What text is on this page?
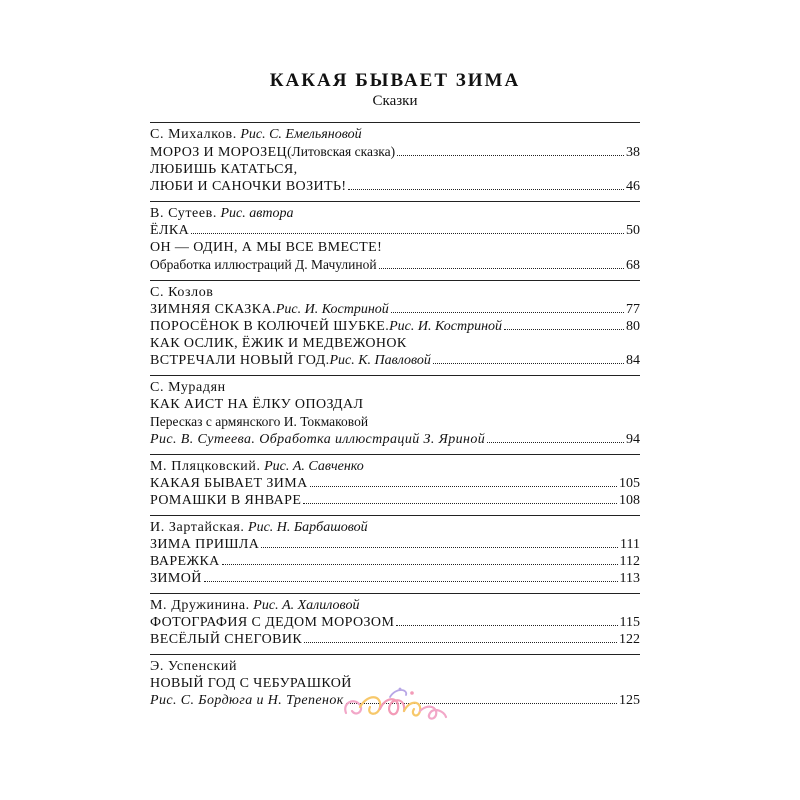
КАКАЯ БЫВАЕТ ЗИМА
Сказки
С. Михалков. Рис. С. Емельяновой
МОРОЗ И МОРОЗЕЦ (Литовская сказка)	38
ЛЮБИШЬ КАТАТЬСЯ,
ЛЮБИ И САНОЧКИ ВОЗИТЬ!	46
В. Сутеев. Рис. автора
ЁЛКА	50
ОН — ОДИН, А МЫ ВСЕ ВМЕСТЕ!
Обработка иллюстраций Д. Мачулиной	68
С. Козлов
ЗИМНЯЯ СКАЗКА. Рис. И. Костриной	77
ПОРОСЁНОК В КОЛЮЧЕЙ ШУБКЕ. Рис. И. Костриной	80
КАК ОСЛИК, ЁЖИК И МЕДВЕЖОНОК
ВСТРЕЧАЛИ НОВЫЙ ГОД. Рис. К. Павловой	84
С. Мурадян
КАК АИСТ НА ЁЛКУ ОПОЗДАЛ
Пересказ с армянского И. Токмаковой
Рис. В. Сутеева. Обработка иллюстраций З. Яриной	94
М. Пляцковский. Рис. А. Савченко
КАКАЯ БЫВАЕТ ЗИМА	105
РОМАШКИ В ЯНВАРЕ	108
И. Зартайская. Рис. Н. Барбашовой
ЗИМА ПРИШЛА	111
ВАРЕЖКА	112
ЗИМОЙ	113
М. Дружинина. Рис. А. Халиловой
ФОТОГРАФИЯ С ДЕДОМ МОРОЗОМ	115
ВЕСЁЛЫЙ СНЕГОВИК	122
Э. Успенский
НОВЫЙ ГОД С ЧЕБУРАШКОЙ
Рис. С. Бордюга и Н. Трепенок	125
